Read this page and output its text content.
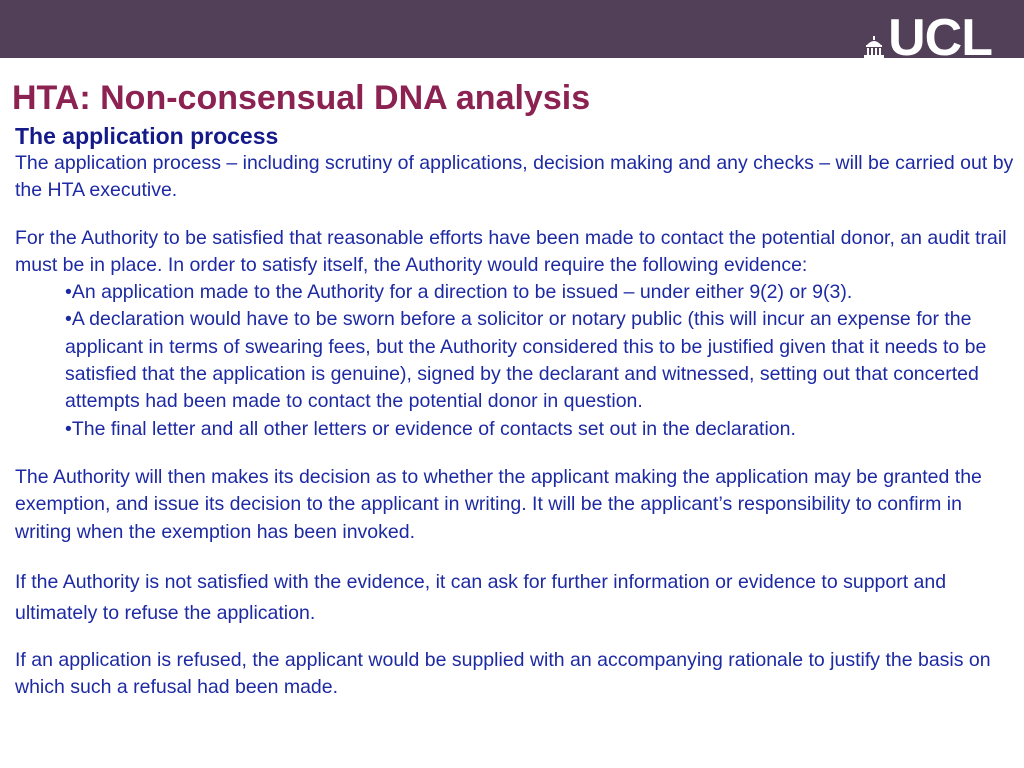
UCL
HTA: Non-consensual DNA analysis
The application process

The application process – including scrutiny of applications, decision making and any checks – will be carried out by the HTA executive.

For the Authority to be satisfied that reasonable efforts have been made to contact the potential donor, an audit trail must be in place. In order to satisfy itself, the Authority would require the following evidence:

•An application made to the Authority for a direction to be issued – under either 9(2) or 9(3).
•A declaration would have to be sworn before a solicitor or notary public (this will incur an expense for the applicant in terms of swearing fees, but the Authority considered this to be justified given that it needs to be satisfied that the application is genuine), signed by the declarant and witnessed, setting out that concerted attempts had been made to contact the potential donor in question.
•The final letter and all other letters or evidence of contacts set out in the declaration.

The Authority will then makes its decision as to whether the applicant making the application may be granted the exemption, and issue its decision to the applicant in writing. It will be the applicant’s responsibility to confirm in writing when the exemption has been invoked.

If the Authority is not satisfied with the evidence, it can ask for further information or evidence to support and ultimately to refuse the application.

If an application is refused, the applicant would be supplied with an accompanying rationale to justify the basis on which such a refusal had been made.
